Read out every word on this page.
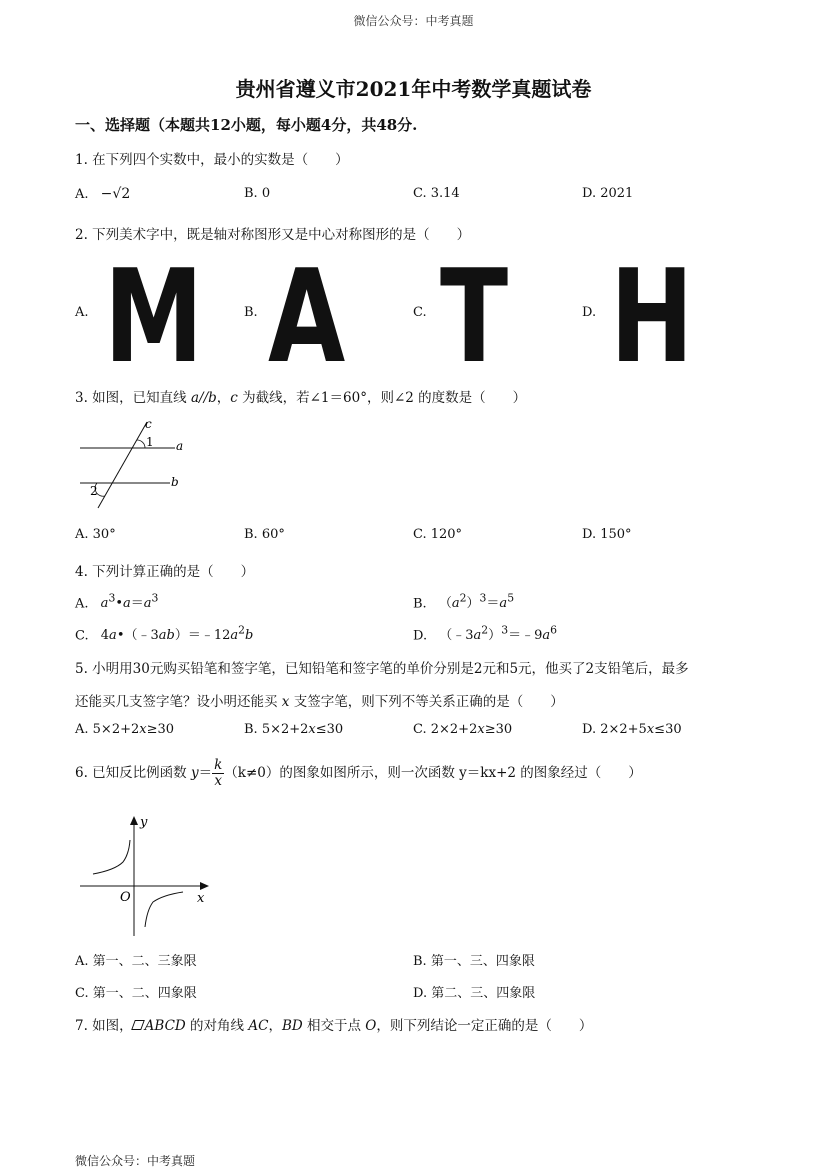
微信公众号：中考真题
贵州省遵义市2021年中考数学真题试卷
一、选择题（本题共12小题，每小题4分，共48分.
1. 在下列四个实数中，最小的实数是（　　）
A. −√2	B. 0	C. 3.14	D. 2021
2. 下列美术字中，既是轴对称图形又是中心对称图形的是（　　）
A.	B.	C.	D.
M A T H
3. 如图，已知直线 a//b，c 为截线，若∠1＝60°，则∠2 的度数是（　　）
c
1 a
b
2
A. 30°	B. 60°	C. 120°	D. 150°
4. 下列计算正确的是（　　）
A. $a^3•a=a^3$	B. $(a^2)^3=a^5$
C. $4a•(﹣3ab)=﹣12a^2b$	D. $(﹣3a^2)^3=﹣9a^6$
5. 小明用30元购买铅笔和签字笔，已知铅笔和签字笔的单价分别是2元和5元，他买了2支铅笔后，最多
还能买几支签字笔？设小明还能买 x 支签字笔，则下列不等关系正确的是（　　）
A. 5×2+2x≥30	B. 5×2+2x≤30	C. 2×2+2x≥30	D. 2×2+5x≤30
6. 已知反比例函数 $y= \frac{k}{x} (k\ne 0)$的图象如图所示，则一次函数 y＝kx+2 的图象经过（　　）
y
x
O
A. 第一、二、三象限	B. 第一、三、四象限
C. 第一、二、四象限	D. 第二、三、四象限
7. 如图， ABCD 的对角线 AC，BD 相交于点 O，则下列结论一定正确的是（　　）
微信公众号：中考真题
